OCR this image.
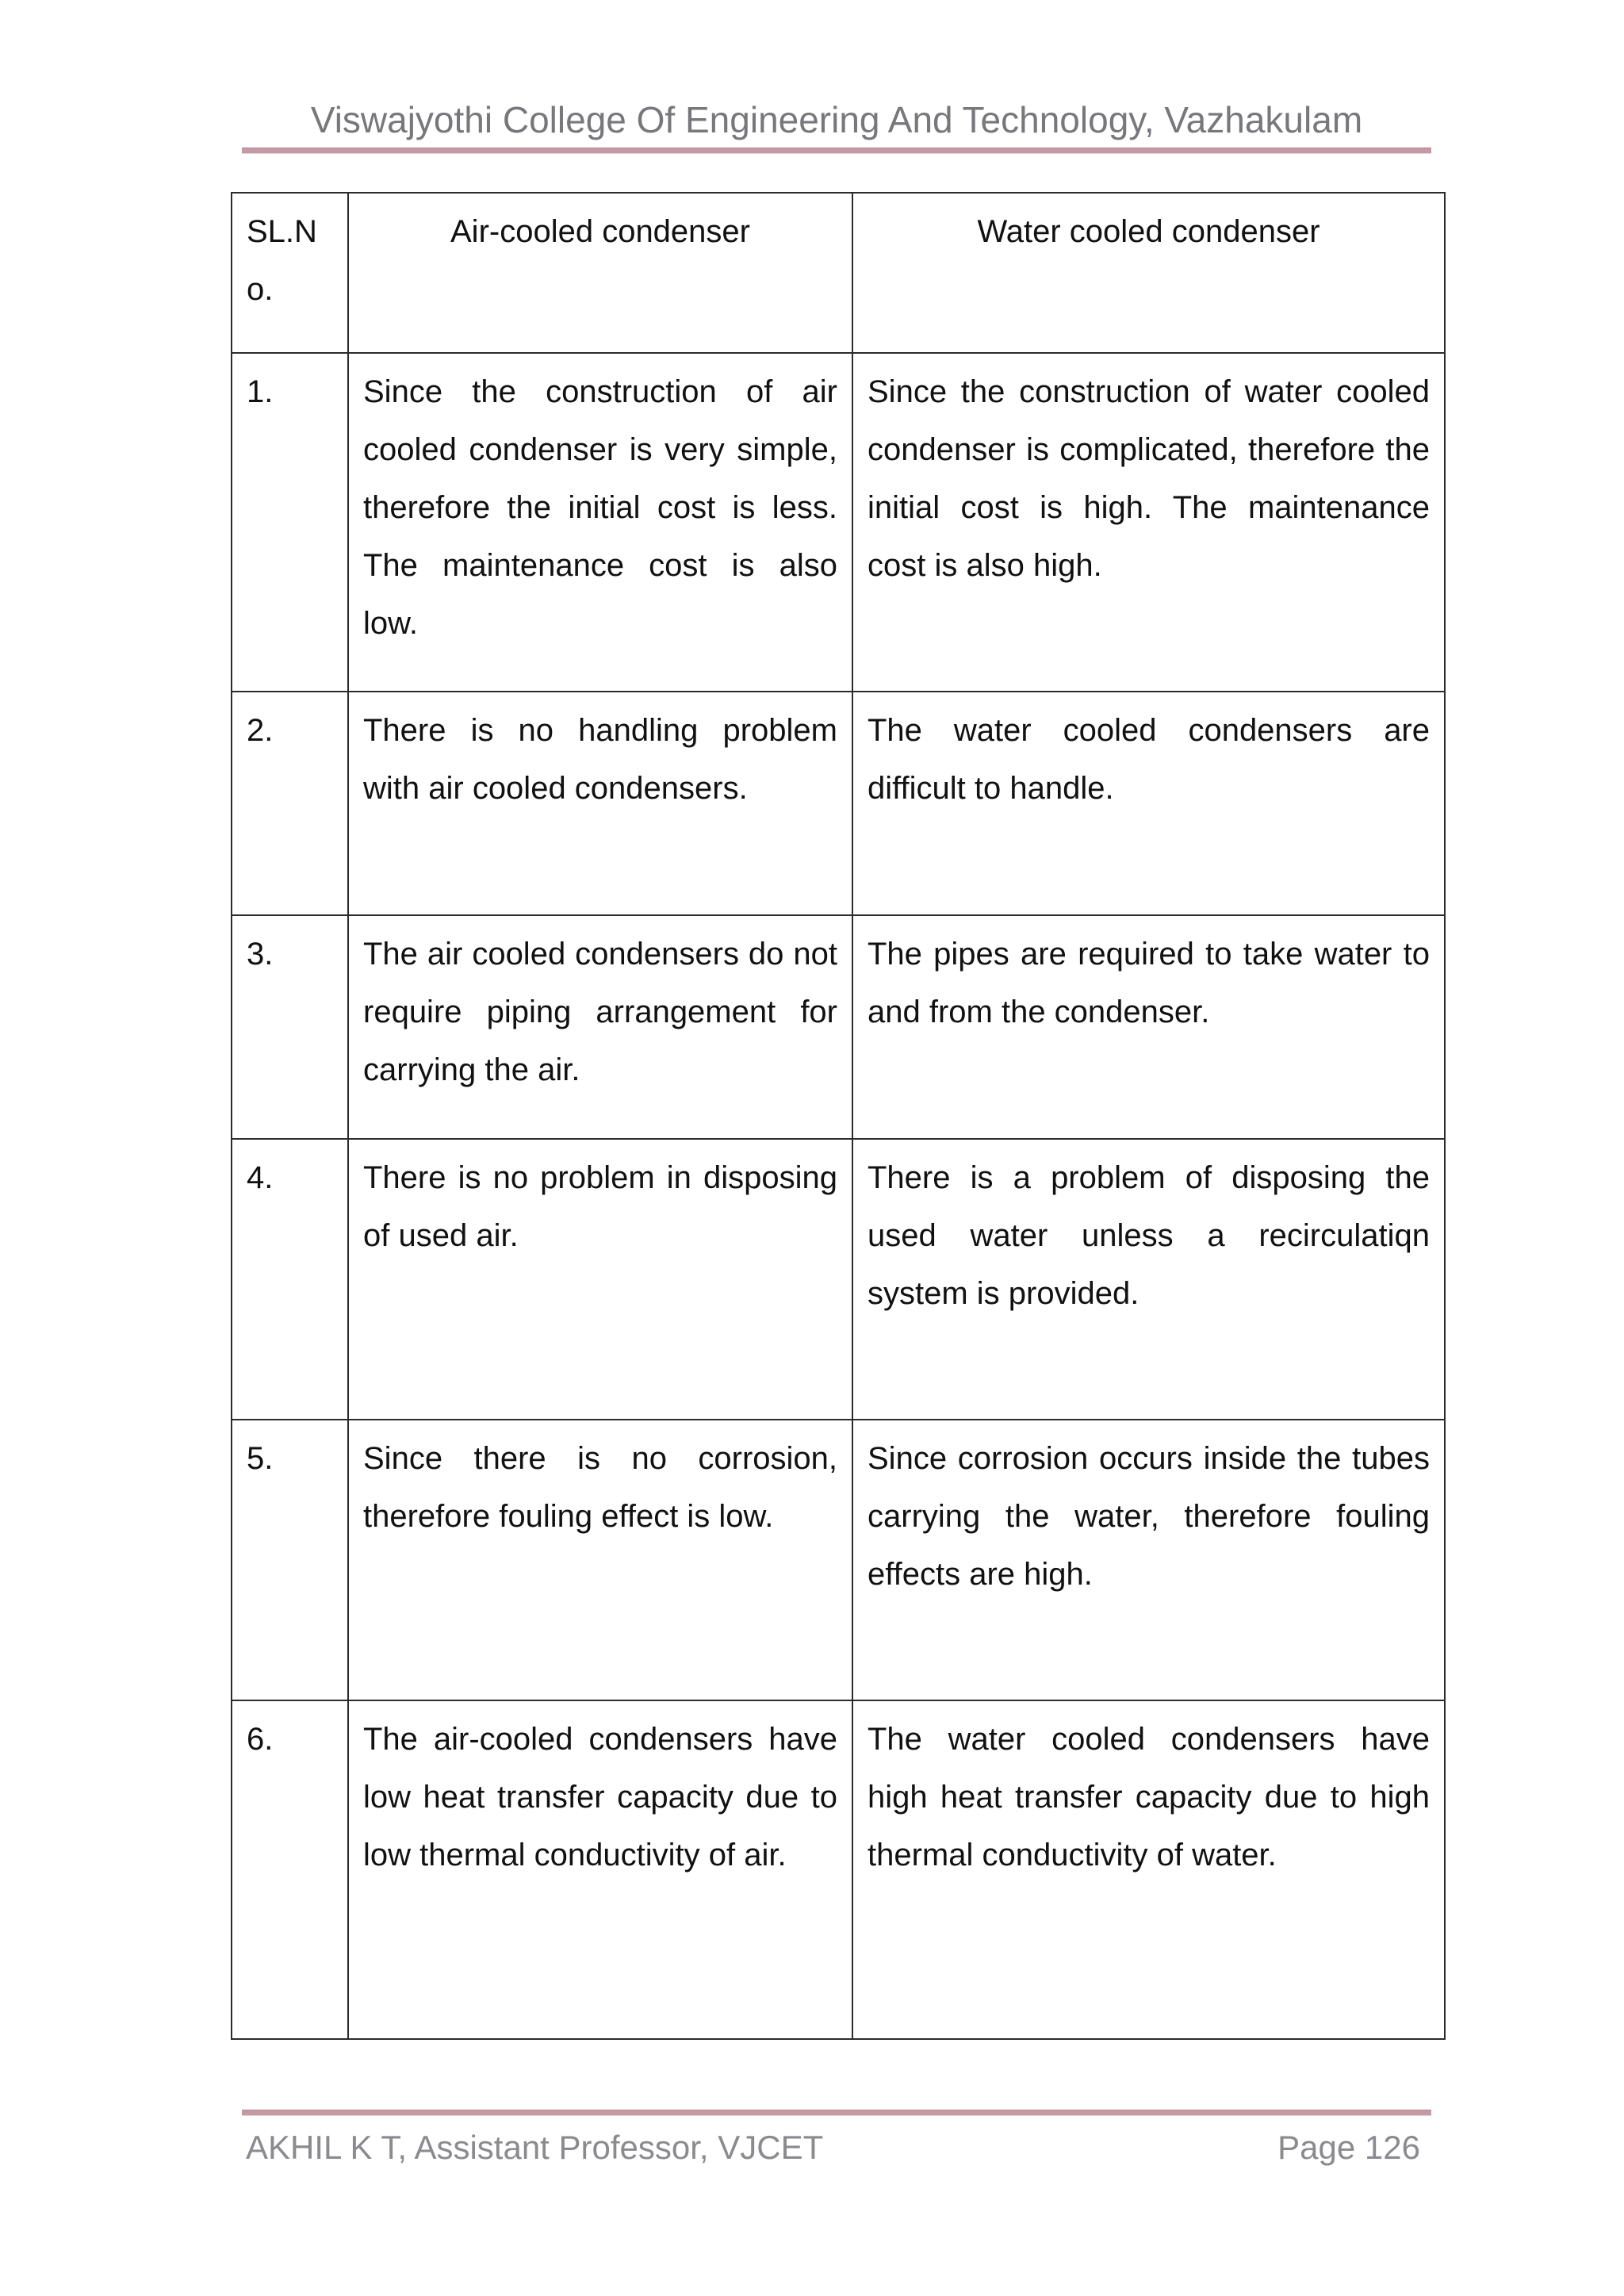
Viswajyothi College Of Engineering And Technology, Vazhakulam
SL.No.	Air-cooled condenser	Water cooled condenser
1.	Since the construction of air cooled condenser is very simple, therefore the initial cost is less. The maintenance cost is also low.	Since the construction of water cooled condenser is complicated, therefore the initial cost is high. The maintenance cost is also high.
2.	There is no handling problem with air cooled condensers.	The water cooled condensers are difficult to handle.
3.	The air cooled condensers do not require piping arrangement for carrying the air.	The pipes are required to take water to and from the condenser.
4.	There is no problem in disposing of used air.	There is a problem of disposing the used water unless a recirculatiqn system is provided.
5.	Since there is no corrosion, therefore fouling effect is low.	Since corrosion occurs inside the tubes carrying the water, therefore fouling effects are high.
6.	The air-cooled condensers have low heat transfer capacity due to low thermal conductivity of air.	The water cooled condensers have high heat transfer capacity due to high thermal conductivity of water.
AKHIL K T, Assistant Professor, VJCET	Page 126
